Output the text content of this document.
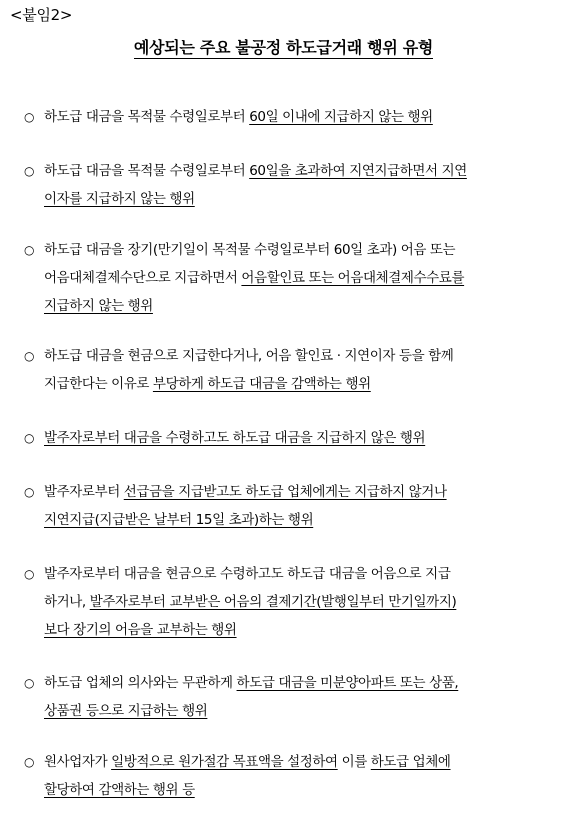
<붙임2>
예상되는 주요 불공정 하도급거래 행위 유형
○ 하도급 대금을 목적물 수령일로부터 60일 이내에 지급하지 않는 행위
○ 하도급 대금을 목적물 수령일로부터 60일을 초과하여 지연지급하면서 지연
이자를 지급하지 않는 행위
○ 하도급 대금을 장기(만기일이 목적물 수령일로부터 60일 초과) 어음 또는
어음대체결제수단으로 지급하면서 어음할인료 또는 어음대체결제수수료를
지급하지 않는 행위
○ 하도급 대금을 현금으로 지급한다거나, 어음 할인료 · 지연이자 등을 함께
지급한다는 이유로 부당하게 하도급 대금을 감액하는 행위
○ 발주자로부터 대금을 수령하고도 하도급 대금을 지급하지 않은 행위
○ 발주자로부터 선급금을 지급받고도 하도급 업체에게는 지급하지 않거나
지연지급(지급받은 날부터 15일 초과)하는 행위
○ 발주자로부터 대금을 현금으로 수령하고도 하도급 대금을 어음으로 지급
하거나, 발주자로부터 교부받은 어음의 결제기간(발행일부터 만기일까지)
보다 장기의 어음을 교부하는 행위
○ 하도급 업체의 의사와는 무관하게 하도급 대금을 미분양아파트 또는 상품,
상품권 등으로 지급하는 행위
○ 원사업자가 일방적으로 원가절감 목표액을 설정하여 이를 하도급 업체에
할당하여 감액하는 행위 등
